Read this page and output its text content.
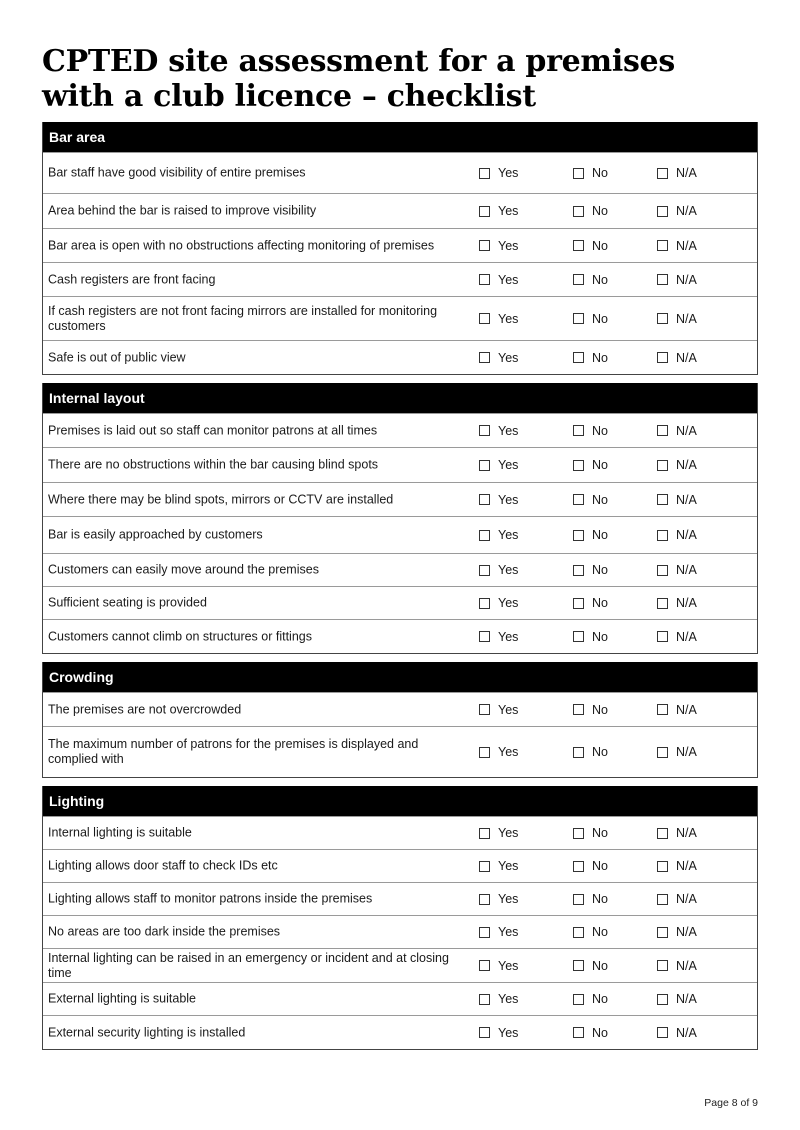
CPTED site assessment for a premises
with a club licence – checklist
Bar area
Bar staff have good visibility of entire premises	Yes	No	N/A
Area behind the bar is raised to improve visibility	Yes	No	N/A
Bar area is open with no obstructions affecting monitoring of premises	Yes	No	N/A
Cash registers are front facing	Yes	No	N/A
If cash registers are not front facing mirrors are installed for monitoring customers	Yes	No	N/A
Safe is out of public view	Yes	No	N/A
Internal layout
Premises is laid out so staff can monitor patrons at all times	Yes	No	N/A
There are no obstructions within the bar causing blind spots	Yes	No	N/A
Where there may be blind spots, mirrors or CCTV are installed	Yes	No	N/A
Bar is easily approached by customers	Yes	No	N/A
Customers can easily move around the premises	Yes	No	N/A
Sufficient seating is provided	Yes	No	N/A
Customers cannot climb on structures or fittings	Yes	No	N/A
Crowding
The premises are not overcrowded	Yes	No	N/A
The maximum number of patrons for the premises is displayed and complied with	Yes	No	N/A
Lighting
Internal lighting is suitable	Yes	No	N/A
Lighting allows door staff to check IDs etc	Yes	No	N/A
Lighting allows staff to monitor patrons inside the premises	Yes	No	N/A
No areas are too dark inside the premises	Yes	No	N/A
Internal lighting can be raised in an emergency or incident and at closing time	Yes	No	N/A
External lighting is suitable	Yes	No	N/A
External security lighting is installed	Yes	No	N/A
Page 8 of 9
